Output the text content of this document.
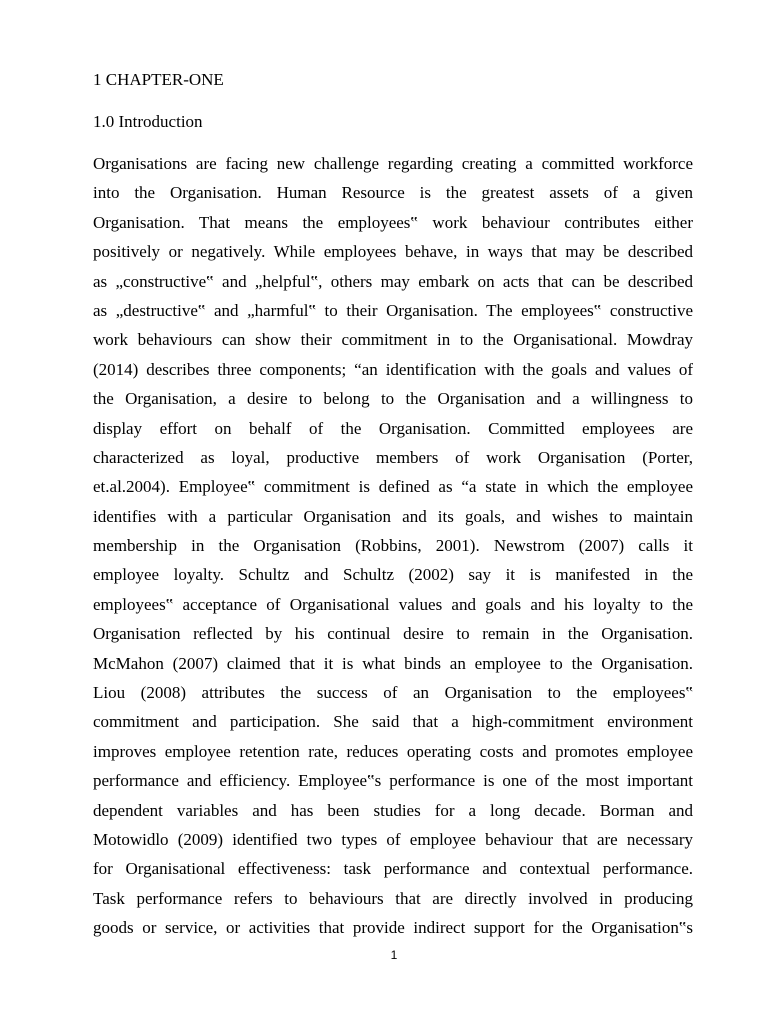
1 CHAPTER-ONE
1.0 Introduction

Organisations are facing new challenge regarding creating a committed workforce
into the Organisation. Human Resource is the greatest assets of a given
Organisation. That means the employees‟ work behaviour contributes either
positively or negatively. While employees behave, in ways that may be described
as „constructive‟ and „helpful‟, others may embark on acts that can be described
as „destructive‟ and „harmful‟ to their Organisation. The employees‟ constructive
work behaviours can show their commitment in to the Organisational. Mowdray
(2014) describes three components; “an identification with the goals and values of
the Organisation, a desire to belong to the Organisation and a willingness to
display effort on behalf of the Organisation. Committed employees are
characterized as loyal, productive members of work Organisation (Porter,
et.al.2004). Employee‟ commitment is defined as “a state in which the employee
identifies with a particular Organisation and its goals, and wishes to maintain
membership in the Organisation (Robbins, 2001). Newstrom (2007) calls it
employee loyalty. Schultz and Schultz (2002) say it is manifested in the
employees‟ acceptance of Organisational values and goals and his loyalty to the
Organisation reflected by his continual desire to remain in the Organisation.
McMahon (2007) claimed that it is what binds an employee to the Organisation.
Liou (2008) attributes the success of an Organisation to the employees‟
commitment and participation. She said that a high-commitment environment
improves employee retention rate, reduces operating costs and promotes employee
performance and efficiency. Employee‟s performance is one of the most important
dependent variables and has been studies for a long decade. Borman and
Motowidlo (2009) identified two types of employee behaviour that are necessary
for Organisational effectiveness: task performance and contextual performance.
Task performance refers to behaviours that are directly involved in producing
goods or service, or activities that provide indirect support for the Organisation‟s

1
